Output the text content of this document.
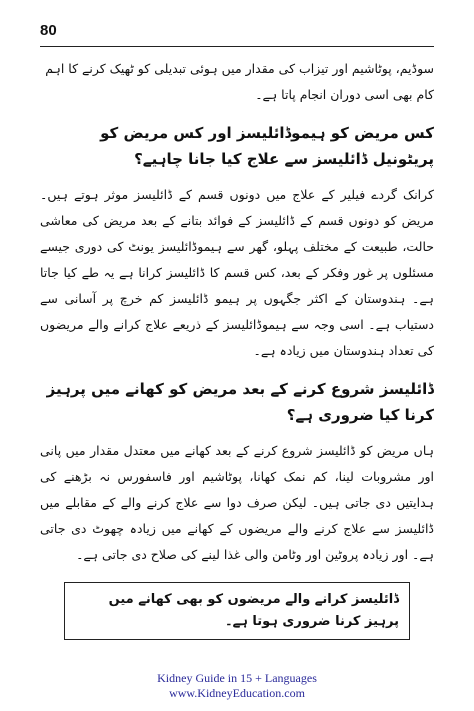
80

سوڈیم، پوٹاشیم اور تیزاب کی مقدار میں ہوئی تبدیلی کو ٹھیک کرنے کا اہم کام بھی اسی دوران انجام پاتا ہے۔

کس مریض کو ہیموڈائلیسز اور کس مریض کو پریٹونیل ڈائلیسز سے علاج کیا جانا چاہیے؟

کرانک گردے فیلیر کے علاج میں دونوں قسم کے ڈائلیسز موثر ہوتے ہیں۔ مریض کو دونوں قسم کے ڈائلیسز کے فوائد بتانے کے بعد مریض کی معاشی حالت، طبیعت کے مختلف پہلو، گھر سے ہیموڈائلیسز یونٹ کی دوری جیسے مسئلوں پر غور وفکر کے بعد، کس قسم کا ڈائلیسز کرانا ہے یہ طے کیا جاتا ہے۔ ہندوستان کے اکثر جگہوں پر ہیمو ڈائلیسز کم خرچ پر آسانی سے دستیاب ہے۔ اسی وجہ سے ہیموڈائلیسز کے ذریعے علاج کرانے والے مریضوں کی تعداد ہندوستان میں زیادہ ہے۔

ڈائلیسز شروع کرنے کے بعد مریض کو کھانے میں پرہیز کرنا کیا ضروری ہے؟

ہاں مریض کو ڈائلیسز شروع کرنے کے بعد کھانے میں معتدل مقدار میں پانی اور مشروبات لینا، کم نمک کھانا، پوٹاشیم اور فاسفورس نہ بڑھنے کی ہدایتیں دی جاتی ہیں۔ لیکن صرف دوا سے علاج کرنے والے کے مقابلے میں ڈائلیسز سے علاج کرنے والے مریضوں کے کھانے میں زیادہ چھوٹ دی جاتی ہے۔ اور زیادہ پروٹین اور وٹامن والی غذا لینے کی صلاح دی جاتی ہے۔

ڈائلیسز کرانے والے مریضوں کو بھی کھانے میں پرہیز کرنا ضروری ہوتا ہے۔
Kidney Guide in 15 + Languages
www.KidneyEducation.com
